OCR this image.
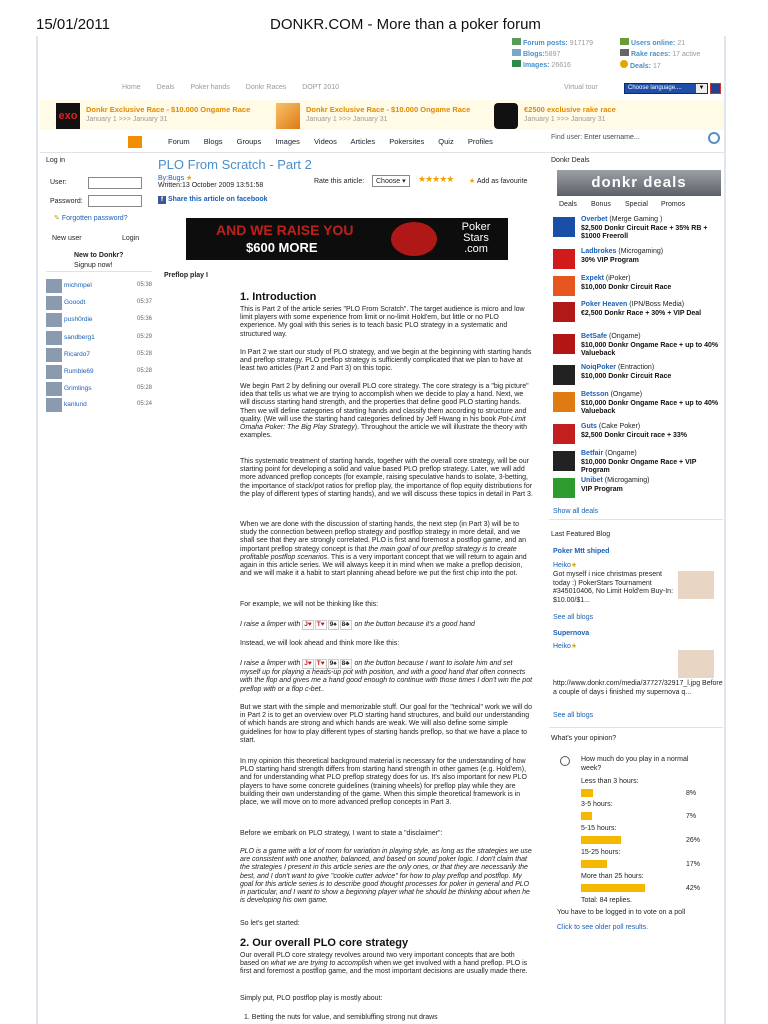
15/01/2011	DONKR.COM - More than a poker forum
Forum posts: 917179
Blogs:5897
Images: 26616
Users online: 21
Rake races: 17 active
Deals: 17
Home Deals Poker hands Donkr Races DOPT 2010	Virtual tour	Choose language....	▼
exo
Donkr Exclusive Race - $10.000 Ongame Race
January 1 >>> January 31
Donkr Exclusive Race - $10.000 Ongame Race
January 1 >>> January 31
€2500 exclusive rake race
January 1 >>> January 31
Forum Blogs Groups Images Videos Articles Pokersites Quiz Profiles	Find user: Enter username...
Log in
User:
Password:
✎ Forgotten password?
New user	Login
New to Donkr?
Signup now!
michmpel	05:38
Gooodt	05:37
push0rdie	05:36
sandberg1	05:29
Ricardo7	05:28
Rumble69	05:28
Grimlings	05:28
kanlund	05:24
PLO From Scratch - Part 2
By:Bugs ★
Written:13 October 2009 13:51:58
Rate this article:	Choose ▾	★★★★★ ★ Add as favourite
f Share this article on facebook
AND WE RAISE YOU
$600 MORE
Poker Stars .com
Preflop play I
1. Introduction
This is Part 2 of the article series "PLO From Scratch". The target audience is micro and low limit players with some experience from limit or no-limit Hold'em, but little or no PLO experience. My goal with this series is to teach basic PLO strategy in a systematic and structured way.
In Part 2 we start our study of PLO strategy, and we begin at the beginning with starting hands and preflop strategy. PLO preflop strategy is sufficiently complicated that we plan to have at least two articles (Part 2 and Part 3) on this topic.
We begin Part 2 by defining our overall PLO core strategy. The core strategy is a "big picture" idea that tells us what we are trying to accomplish when we decide to play a hand. Next, we will discuss starting hand strength, and the properties that define good PLO starting hands. Then we will define categories of starting hands and classify them according to structure and quality. (We will use the starting hand categories defined by Jeff Hwang in his book Pot-Limit Omaha Poker: The Big Play Strategy). Throughout the article we will illustrate the theory with examples.
This systematic treatment of starting hands, together with the overall core strategy, will be our starting point for developing a solid and value based PLO preflop strategy. Later, we will add more advanced preflop concepts (for example, raising speculative hands to isolate, 3-betting, the importance of stack/pot ratios for preflop play, the importance of flop equity distributions for the play of different types of starting hands), and we will discuss these topics in detail in Part 3.
When we are done with the discussion of starting hands, the next step (in Part 3) will be to study the connection between preflop strategy and postflop strategy in more detail, and we shall see that they are strongly correlated. PLO is first and foremost a postflop game, and an important preflop strategy concept is that the main goal of our preflop strategy is to create profitable postflop scenarios. This is a very important concept that we will return to again and again in this article series. We will always keep it in mind when we make a preflop decision, and we will make it a habit to start planning ahead before we put the first chip into the pot.
For example, we will not be thinking like this:
I raise a limper with J♥ T♥ 9♠ 8♣ on the button because it's a good hand
Instead, we will look ahead and think more like this:
I raise a limper with J♥ T♥ 9♠ 8♣ on the button because I want to isolate him and set myself up for playing a heads-up pot with position, and with a good hand that often connects with the flop and gives me a hand good enough to continue with those times I don't win the pot preflop with or a flop c-bet..
But we start with the simple and memorizable stuff. Our goal for the "technical" work we will do in Part 2 is to get an overview over PLO starting hand structures, and build our understanding of which hands are strong and which hands are weak. We will also define some simple guidelines for how to play different types of starting hands preflop, so that we have a place to start.
In my opinion this theoretical background material is necessary for the understanding of how PLO starting hand strength differs from starting hand strength in other games (e.g. Hold'em), and for understanding what PLO preflop strategy does for us. It's also important for new PLO players to have some concrete guidelines (training wheels) for preflop play while they are building their own understanding of the game. When this simple theoretical framework is in place, we will move on to more advanced preflop concepts in Part 3.
Before we embark on PLO strategy, I want to state a "disclaimer":
PLO is a game with a lot of room for variation in playing style, as long as the strategies we use are consistent with one another, balanced, and based on sound poker logic. I don't claim that the strategies I present in this article series are the only ones, or that they are necessarily the best, and I don't want to give "cookie cutter advice" for how to play preflop and postflop. My goal for this article series is to describe good thought processes for poker in general and PLO in particular, and I want to show a beginning player what he should be thinking about when he is developing his own game.
So let's get started:
2. Our overall PLO core strategy
Our overall PLO core strategy revolves around two very important concepts that are both based on what we are trying to accomplish when we get involved with a hand preflop. PLO is first and foremost a postflop game, and the most important decisions are usually made there.
Simply put, PLO postflop play is mostly about:
1. Betting the nuts for value, and semibluffing strong nut draws
Donkr Deals
donkr deals
Deals Bonus Special Promos
Overbet (Merge Gaming )
$2,500 Donkr Circuit Race + 35% RB + $1000 Freeroll
Ladbrokes (Microgaming)
30% VIP Program
Expekt (iPoker)
$10,000 Donkr Circuit Race
Poker Heaven (IPN/Boss Media)
€2,500 Donkr Race + 30% + VIP Deal
BetSafe (Ongame)
$10,000 Donkr Ongame Race + up to 40% Valueback
NoiqPoker (Entraction)
$10,000 Donkr Circuit Race
Betsson (Ongame)
$10,000 Donkr Ongame Race + up to 40% Valueback
Guts (Cake Poker)
$2,500 Donkr Circuit race + 33%
Betfair (Ongame)
$10,000 Donkr Ongame Race + VIP Program
Unibet (Microgaming)
VIP Program
Show all deals
Last Featured Blog
Poker Mtt shiped
Heiko★
Got myself i nice christmas present today :) PokerStars Tournament #345010406, No Limit Hold'em Buy-In: $10.00/$1...
See all blogs
Supernova
Heiko★
http://www.donkr.com/media/37727/32917_l.jpg Before a couple of days i finished my supernova q...
See all blogs
What's your opinion?
How much do you play in a normal week?
Less than 3 hours:
8%
3-5 hours:
7%
5-15 hours:
26%
15-25 hours:
17%
More than 25 hours:
42%
Total: 84 replies.
You have to be logged in to vote on a poll
Click to see older poll results.
